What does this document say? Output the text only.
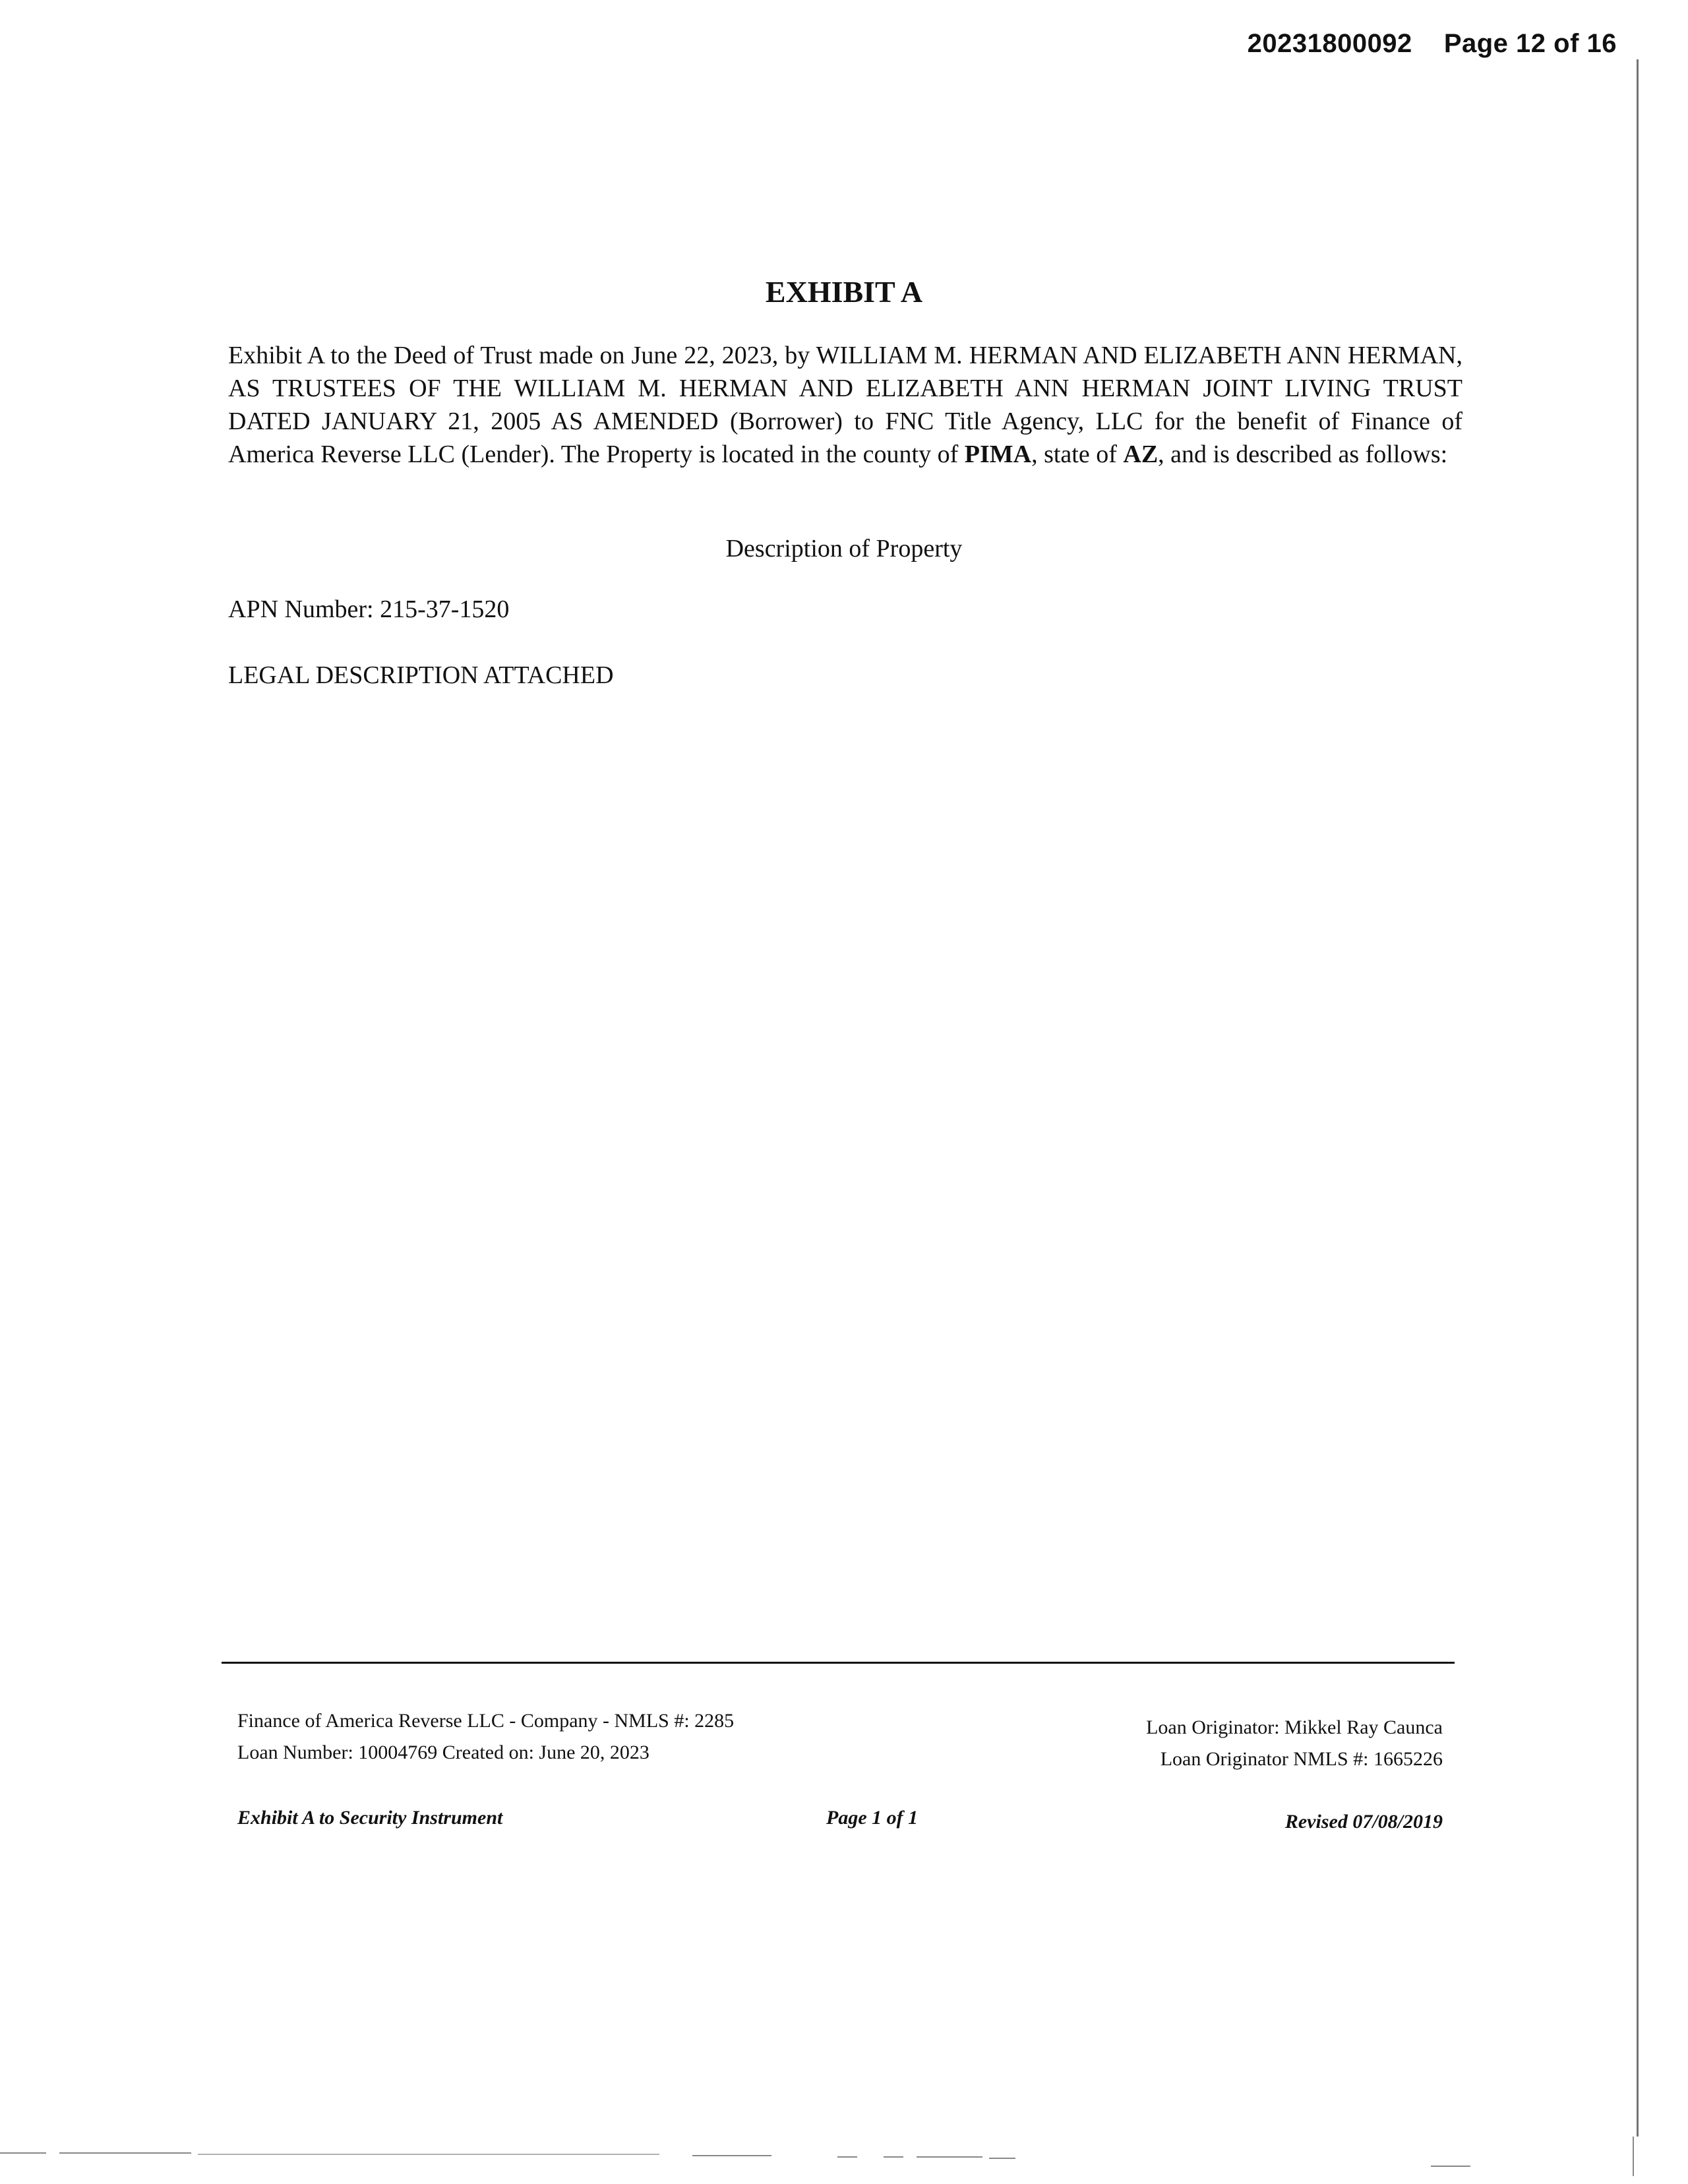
20231800092 Page 12 of 16
EXHIBIT A

Exhibit A to the Deed of Trust made on June 22, 2023, by WILLIAM M. HERMAN AND ELIZABETH ANN HERMAN, AS TRUSTEES OF THE WILLIAM M. HERMAN AND ELIZABETH ANN HERMAN JOINT LIVING TRUST DATED JANUARY 21, 2005 AS AMENDED (Borrower) to FNC Title Agency, LLC for the benefit of Finance of America Reverse LLC (Lender). The Property is located in the county of PIMA, state of AZ, and is described as follows:

Description of Property

APN Number: 215-37-1520

LEGAL DESCRIPTION ATTACHED

Finance of America Reverse LLC - Company - NMLS #: 2285
Loan Number: 10004769 Created on: June 20, 2023
Loan Originator: Mikkel Ray Caunca
Loan Originator NMLS #: 1665226
Exhibit A to Security Instrument	Page 1 of 1	Revised 07/08/2019
